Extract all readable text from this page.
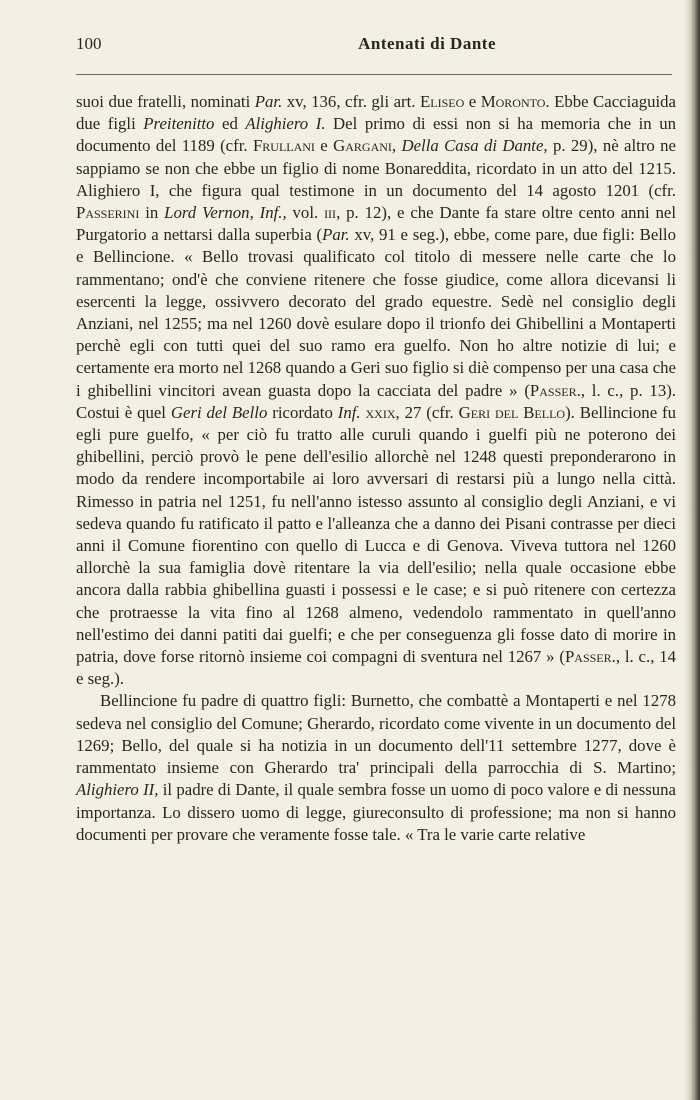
100	Antenati di Dante

suoi due fratelli, nominati Par. xv, 136, cfr. gli art. Eliseo e Moronto. Ebbe Cacciaguida due figli Preitenitto ed Alighiero I. Del primo di essi non si ha memoria che in un documento del 1189 (cfr. Frullani e Gargani, Della Casa di Dante, p. 29), nè altro ne sappiamo se non che ebbe un figlio di nome Bonareddita, ricordato in un atto del 1215. Alighiero I, che figura qual testimone in un documento del 14 agosto 1201 (cfr. Passerini in Lord Vernon, Inf., vol. iii, p. 12), e che Dante fa stare oltre cento anni nel Purgatorio a nettarsi dalla superbia (Par. xv, 91 e seg.), ebbe, come pare, due figli: Bello e Bellincione. « Bello trovasi qualificato col titolo di messere nelle carte che lo rammentano; ond'è che conviene ritenere che fosse giudice, come allora dicevansi li esercenti la legge, ossivvero decorato del grado equestre. Sedè nel consiglio degli Anziani, nel 1255; ma nel 1260 dovè esulare dopo il trionfo dei Ghibellini a Montaperti perchè egli con tutti quei del suo ramo era guelfo. Non ho altre notizie di lui; e certamente era morto nel 1268 quando a Geri suo figlio si diè compenso per una casa che i ghibellini vincitori avean guasta dopo la cacciata del padre » (Passer., l. c., p. 13). Costui è quel Geri del Bello ricordato Inf. xxix, 27 (cfr. Geri del Bello). Bellincione fu egli pure guelfo, « per ciò fu tratto alle curuli quando i guelfi più ne poterono dei ghibellini, perciò provò le pene dell'esilio allorchè nel 1248 questi preponderarono in modo da rendere incomportabile ai loro avversari di restarsi più a lungo nella città. Rimesso in patria nel 1251, fu nell'anno istesso assunto al consiglio degli Anziani, e vi sedeva quando fu ratificato il patto e l'alleanza che a danno dei Pisani contrasse per dieci anni il Comune fiorentino con quello di Lucca e di Genova. Viveva tuttora nel 1260 allorchè la sua famiglia dovè ritentare la via dell'esilio; nella quale occasione ebbe ancora dalla rabbia ghibellina guasti i possessi e le case; e si può ritenere con certezza che protraesse la vita fino al 1268 almeno, vedendolo rammentato in quell'anno nell'estimo dei danni patiti dai guelfi; e che per conseguenza gli fosse dato di morire in patria, dove forse ritornò insieme coi compagni di sventura nel 1267 » (Passer., l. c., 14 e seg.).

Bellincione fu padre di quattro figli: Burnetto, che combattè a Montaperti e nel 1278 sedeva nel consiglio del Comune; Gherardo, ricordato come vivente in un documento del 1269; Bello, del quale si ha notizia in un documento dell'11 settembre 1277, dove è rammentato insieme con Gherardo tra' principali della parrocchia di S. Martino; Alighiero II, il padre di Dante, il quale sembra fosse un uomo di poco valore e di nessuna importanza. Lo dissero uomo di legge, giureconsulto di professione; ma non si hanno documenti per provare che veramente fosse tale. « Tra le varie carte relative
